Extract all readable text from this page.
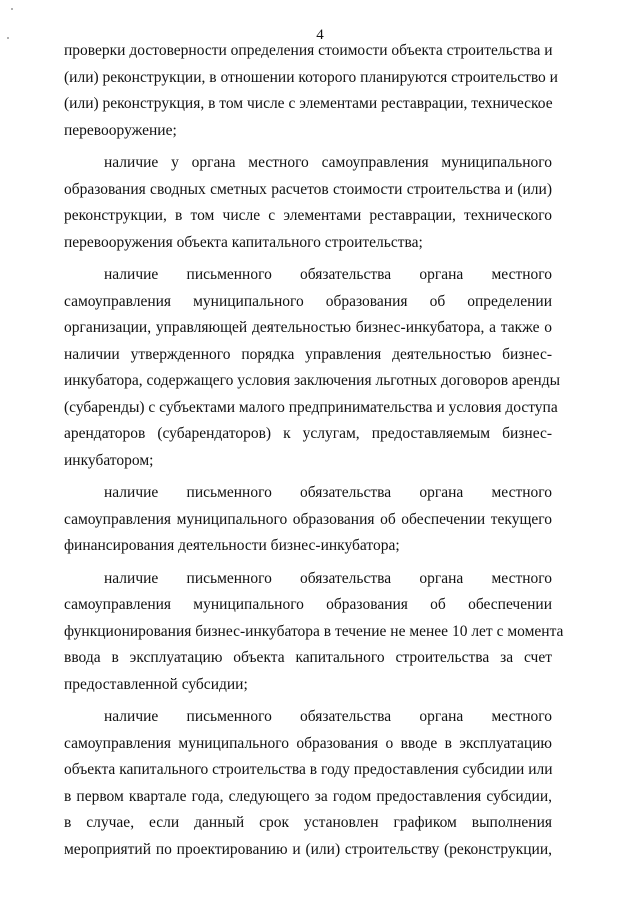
4
проверки достоверности определения стоимости объекта строительства и
(или) реконструкции, в отношении которого планируются строительство и
(или) реконструкция, в том числе с элементами реставрации, техническое
перевооружение;
наличие у органа местного самоуправления муниципального
образования сводных сметных расчетов стоимости строительства и (или)
реконструкции, в том числе с элементами реставрации, технического
перевооружения объекта капитального строительства;
наличие письменного обязательства органа местного
самоуправления муниципального образования об определении
организации, управляющей деятельностью бизнес-инкубатора, а также о
наличии утвержденного порядка управления деятельностью бизнес-
инкубатора, содержащего условия заключения льготных договоров аренды
(субаренды) с субъектами малого предпринимательства и условия доступа
арендаторов (субарендаторов) к услугам, предоставляемым бизнес-
инкубатором;
наличие письменного обязательства органа местного
самоуправления муниципального образования об обеспечении текущего
финансирования деятельности бизнес-инкубатора;
наличие письменного обязательства органа местного
самоуправления муниципального образования об обеспечении
функционирования бизнес-инкубатора в течение не менее 10 лет с момента
ввода в эксплуатацию объекта капитального строительства за счет
предоставленной субсидии;
наличие письменного обязательства органа местного
самоуправления муниципального образования о вводе в эксплуатацию
объекта капитального строительства в году предоставления субсидии или
в первом квартале года, следующего за годом предоставления субсидии,
в случае, если данный срок установлен графиком выполнения
мероприятий по проектированию и (или) строительству (реконструкции,
